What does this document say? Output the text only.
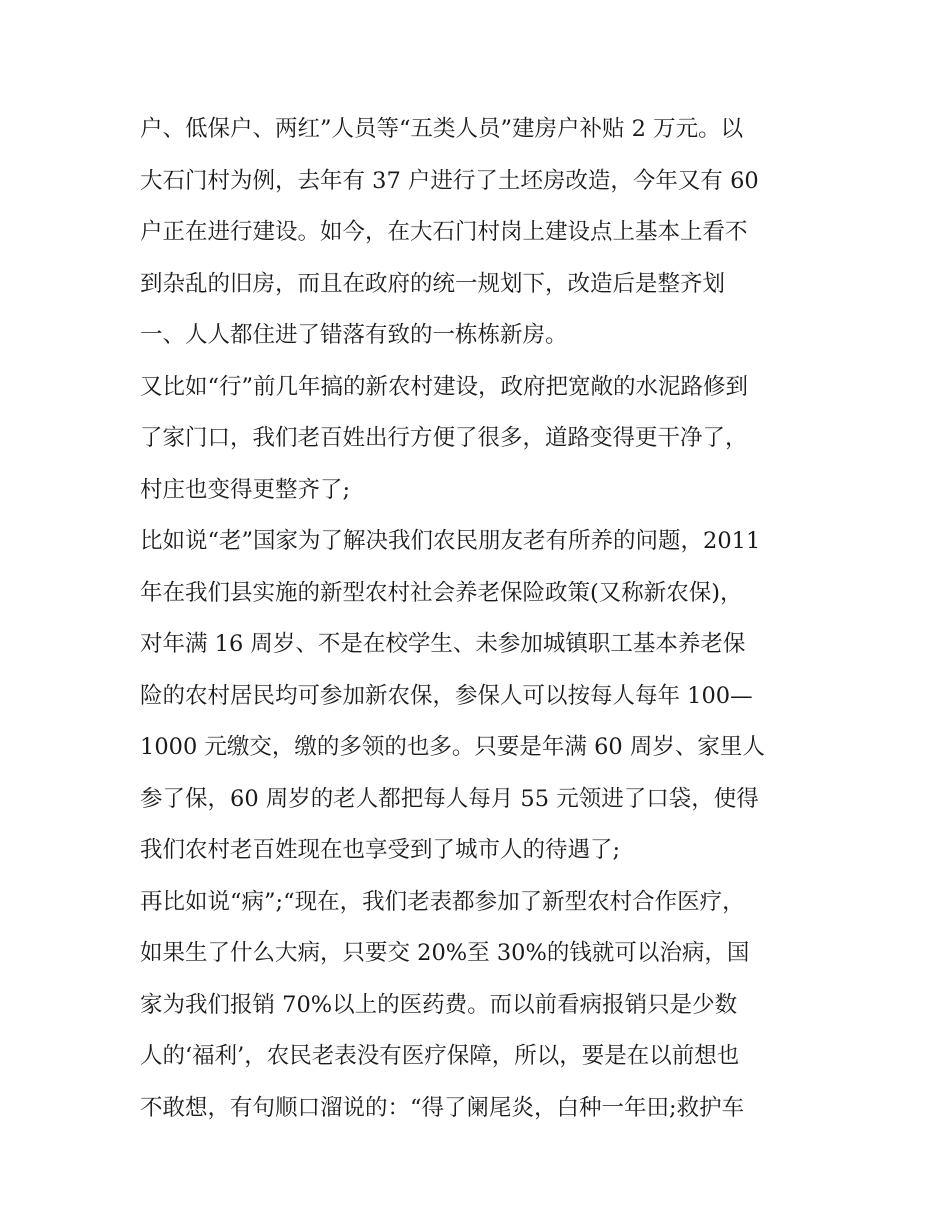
户、低保户、两红”人员等“五类人员”建房户补贴 2 万元。以
大石门村为例，去年有 37 户进行了土坯房改造，今年又有 60
户正在进行建设。如今，在大石门村岗上建设点上基本上看不
到杂乱的旧房，而且在政府的统一规划下，改造后是整齐划
一、人人都住进了错落有致的一栋栋新房。
又比如“行”前几年搞的新农村建设，政府把宽敞的水泥路修到
了家门口，我们老百姓出行方便了很多，道路变得更干净了，
村庄也变得更整齐了;
比如说“老”国家为了解决我们农民朋友老有所养的问题，2011
年在我们县实施的新型农村社会养老保险政策(又称新农保)，
对年满 16 周岁、不是在校学生、未参加城镇职工基本养老保
险的农村居民均可参加新农保，参保人可以按每人每年 100—
1000 元缴交，缴的多领的也多。只要是年满 60 周岁、家里人
参了保，60 周岁的老人都把每人每月 55 元领进了口袋，使得
我们农村老百姓现在也享受到了城市人的待遇了;
再比如说“病”;“现在，我们老表都参加了新型农村合作医疗，
如果生了什么大病，只要交 20%至 30%的钱就可以治病，国
家为我们报销 70%以上的医药费。而以前看病报销只是少数
人的‘福利’，农民老表没有医疗保障，所以，要是在以前想也
不敢想，有句顺口溜说的：“得了阑尾炎，白种一年田;救护车
